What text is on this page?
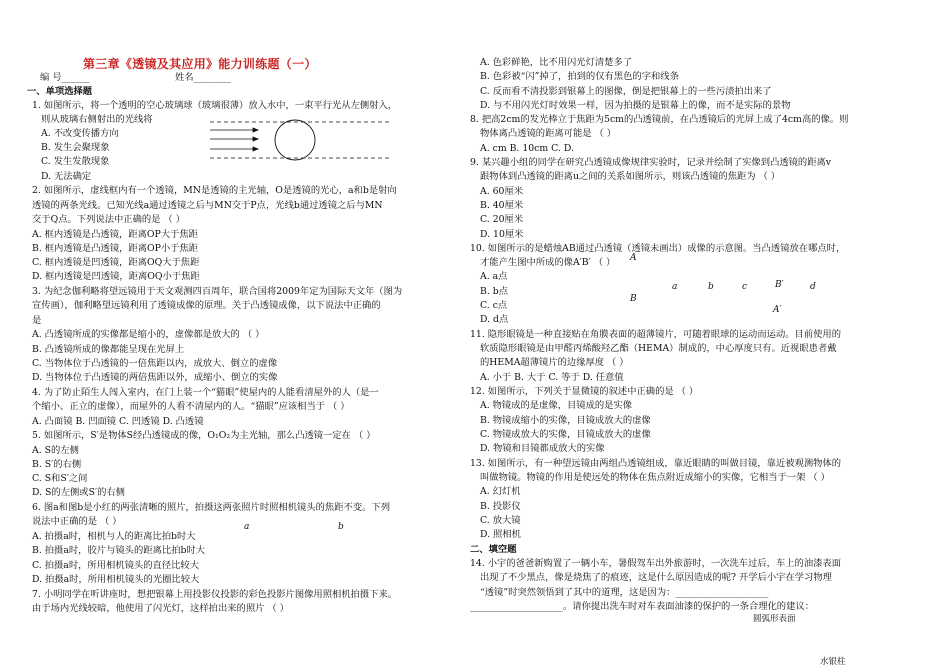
第三章《透镜及其应用》能力训练题（一）
编 号______	姓名________
一、单项选择题
1. 如图所示，将一个透明的空心玻璃球（玻璃很薄）放入水中，一束平行光从左侧射入，
则从玻璃右侧射出的光线将
A. 不改变传播方向
B. 发生会聚现象
C. 发生发散现象
D. 无法确定
2. 如图所示，虚线框内有一个透镜，MN是透镜的主光轴，O是透镜的光心，a和b是射向
透镜的两条光线。已知光线a通过透镜之后与MN交于P点，光线b通过透镜之后与MN
交于Q点。下列说法中正确的是 （ ）
A. 框内透镜是凸透镜，距离OP大于焦距
B. 框内透镜是凸透镜，距离OP小于焦距
C. 框内透镜是凹透镜，距离OQ大于焦距
D. 框内透镜是凹透镜，距离OQ小于焦距
3. 为纪念伽利略将望远镜用于天文观测四百周年，联合国将2009年定为国际天文年（图为
宣传画），伽利略望远镜利用了透镜成像的原理。关于凸透镜成像，以下说法中正确的
是
A. 凸透镜所成的实像都是缩小的，虚像都是放大的 （ ）
B. 凸透镜所成的像都能呈现在光屏上
C. 当物体位于凸透镜的一倍焦距以内，成放大、倒立的虚像
D. 当物体位于凸透镜的两倍焦距以外，成缩小、倒立的实像
4. 为了防止陌生人闯入室内，在门上装一个“猫眼”使屋内的人能看清屋外的人（是一
个缩小、正立的虚像），而屋外的人看不清屋内的人。“猫眼”应该相当于 （ ）
A. 凸面镜 B. 凹面镜 C. 凹透镜 D. 凸透镜
5. 如图所示，S′是物体S经凸透镜成的像，O₁O₂为主光轴，那么凸透镜一定在 （ ）
A. S的左侧
B. S′的右侧
C. S和S′之间
D. S的左侧或S′的右侧
6. 图a和图b是小红的两张清晰的照片，拍摄这两张照片时照相机镜头的焦距不变。下列
说法中正确的是 （ ）
A. 拍摄a时，相机与人的距离比拍b时大
B. 拍摄a时，胶片与镜头的距离比拍b时大
C. 拍摄a时，所用相机镜头的直径比较大
D. 拍摄a时，所用相机镜头的光圈比较大
7. 小明同学在听讲座时，想把银幕上用投影仪投影的彩色投影片图像用照相机拍摄下来。
由于场内光线较暗，他使用了闪光灯，这样拍出来的照片 （ ）
a	b
A. 色彩鲜艳，比不用闪光灯清楚多了
B. 色彩被“闪”掉了，拍到的仅有黑色的字和线条
C. 反而看不清投影到银幕上的图像，倒是把银幕上的一些污渍拍出来了
D. 与不用闪光灯时效果一样，因为拍摄的是银幕上的像，而不是实际的景物
8. 把高2cm的发光棒立于焦距为5cm的凸透镜前，在凸透镜后的光屏上成了4cm高的像。则
物体离凸透镜的距离可能是 （ ）
A. cm B. 10cm C. D.
9. 某兴趣小组的同学在研究凸透镜成像规律实验时，记录并绘制了实像到凸透镜的距离v
跟物体到凸透镜的距离u之间的关系如图所示，则该凸透镜的焦距为 （ ）
A. 60厘米
B. 40厘米
C. 20厘米
D. 10厘米
10. 如图所示的是蜡烛AB通过凸透镜（透镜未画出）成像的示意图。当凸透镜放在哪点时，
才能产生图中所成的像A′B′ （ ）
A. a点
B. b点
C. c点
D. d点
11. 隐形眼镜是一种直接贴在角膜表面的超薄镜片，可随着眼球的运动而运动。目前使用的
软质隐形眼镜是由甲醛丙烯酸羟乙酯（HEMA）制成的，中心厚度只有。近视眼患者戴
的HEMA超薄镜片的边缘厚度 （ ）
A. 小于 B. 大于 C. 等于 D. 任意值
12. 如图所示，下列关于显微镜的叙述中正确的是 （ ）
A. 物镜成的是虚像，目镜成的是实像
B. 物镜成缩小的实像，目镜成放大的虚像
C. 物镜成放大的实像，目镜成放大的虚像
D. 物镜和目镜都成放大的实像
13. 如图所示，有一种望远镜由两组凸透镜组成，靠近眼睛的叫做目镜，靠近被观测物体的
叫做物镜。物镜的作用是使远处的物体在焦点附近成缩小的实像，它相当于一架 （ ）
A. 幻灯机
B. 投影仪
C. 放大镜
D. 照相机
二、填空题
14. 小宇的爸爸新购置了一辆小车，暑假驾车出外旅游时，一次洗车过后，车上的油漆表面
出现了不少黑点，像是烧焦了的痕迹，这是什么原因造成的呢? 开学后小宇在学习物理
“透镜”时突然领悟到了其中的道理，这是因为：____________________
____________________。请你提出洗车时对车表面油漆的保护的一条合理化的建议：
圆弧形表面
A
B
a	b	c	B′	d
A′
水银柱
